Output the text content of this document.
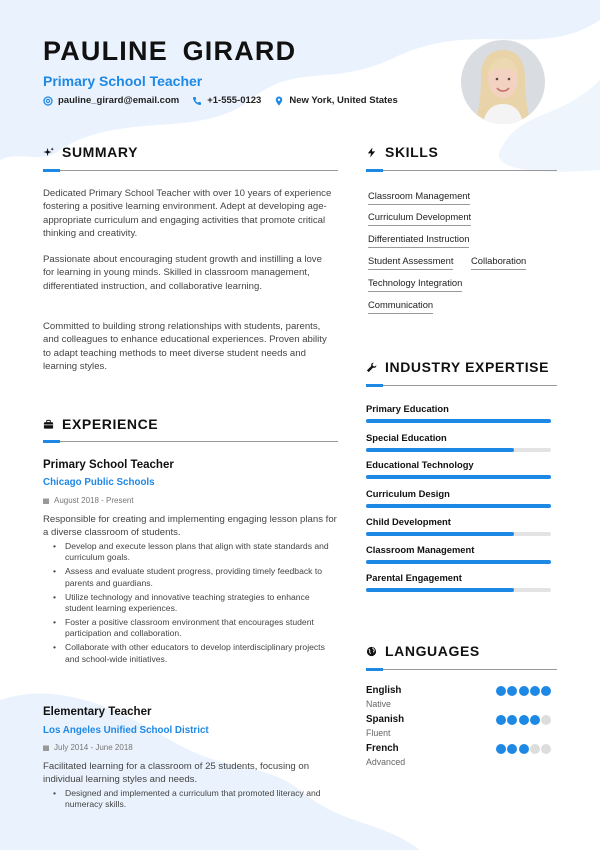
PAULINE GIRARD
Primary School Teacher
pauline_girard@email.com	+1-555-0123	New York, United States
SUMMARY
Dedicated Primary School Teacher with over 10 years of experience fostering a positive learning environment. Adept at developing age-appropriate curriculum and engaging activities that promote critical thinking and creativity.
Passionate about encouraging student growth and instilling a love for learning in young minds. Skilled in classroom management, differentiated instruction, and collaborative learning.
Committed to building strong relationships with students, parents, and colleagues to enhance educational experiences. Proven ability to adapt teaching methods to meet diverse student needs and learning styles.
EXPERIENCE
Primary School Teacher
Chicago Public Schools
August 2018 - Present
Responsible for creating and implementing engaging lesson plans for a diverse classroom of students.
• Develop and execute lesson plans that align with state standards and curriculum goals.
• Assess and evaluate student progress, providing timely feedback to parents and guardians.
• Utilize technology and innovative teaching strategies to enhance student learning experiences.
• Foster a positive classroom environment that encourages student participation and collaboration.
• Collaborate with other educators to develop interdisciplinary projects and school-wide initiatives.
Elementary Teacher
Los Angeles Unified School District
July 2014 - June 2018
Facilitated learning for a classroom of 25 students, focusing on individual learning styles and needs.
• Designed and implemented a curriculum that promoted literacy and numeracy skills.
SKILLS
Classroom Management
Curriculum Development
Differentiated Instruction
Student Assessment Collaboration
Technology Integration
Communication
INDUSTRY EXPERTISE
Primary Education
Special Education
Educational Technology
Curriculum Design
Child Development
Classroom Management
Parental Engagement
LANGUAGES
English
Native
Spanish
Fluent
French
Advanced
